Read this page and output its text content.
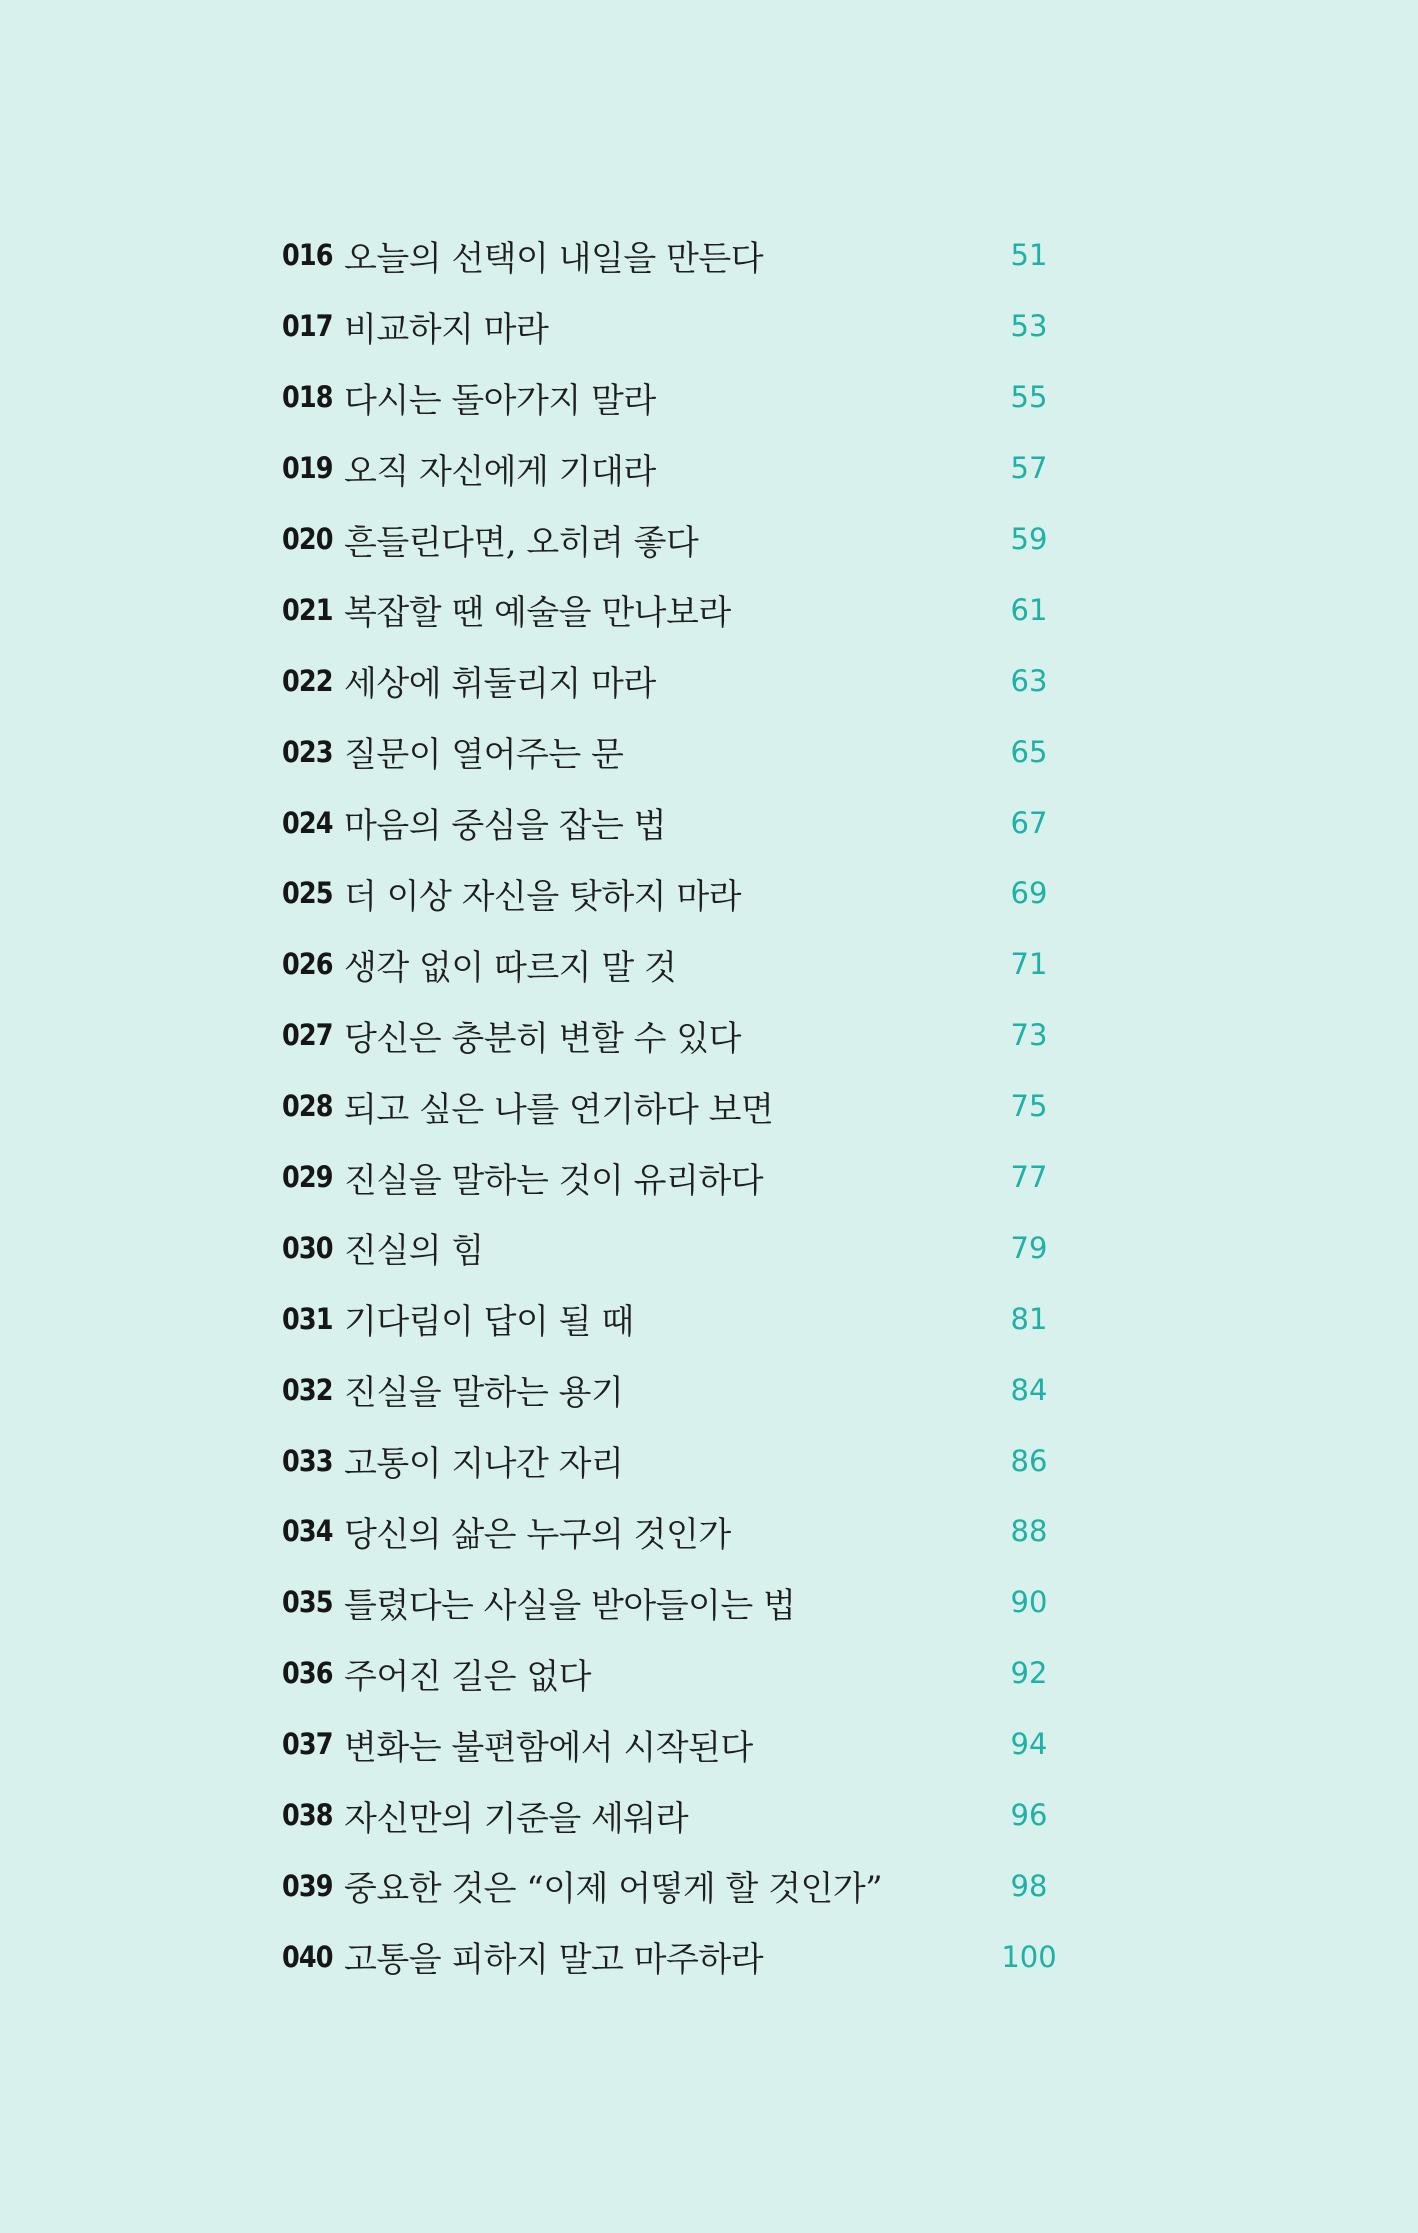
016 오늘의 선택이 내일을 만든다	51
017 비교하지 마라	53
018 다시는 돌아가지 말라	55
019 오직 자신에게 기대라	57
020 흔들린다면, 오히려 좋다	59
021 복잡할 땐 예술을 만나보라	61
022 세상에 휘둘리지 마라	63
023 질문이 열어주는 문	65
024 마음의 중심을 잡는 법	67
025 더 이상 자신을 탓하지 마라	69
026 생각 없이 따르지 말 것	71
027 당신은 충분히 변할 수 있다	73
028 되고 싶은 나를 연기하다 보면	75
029 진실을 말하는 것이 유리하다	77
030 진실의 힘	79
031 기다림이 답이 될 때	81
032 진실을 말하는 용기	84
033 고통이 지나간 자리	86
034 당신의 삶은 누구의 것인가	88
035 틀렸다는 사실을 받아들이는 법	90
036 주어진 길은 없다	92
037 변화는 불편함에서 시작된다	94
038 자신만의 기준을 세워라	96
039 중요한 것은 “이제 어떻게 할 것인가”	98
040 고통을 피하지 말고 마주하라	100
